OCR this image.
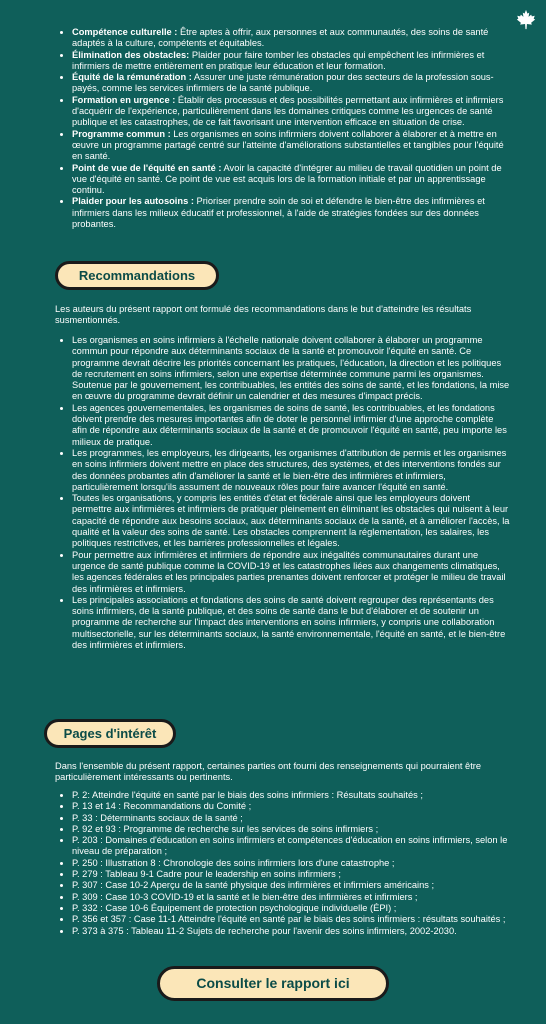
• Compétence culturelle : Être aptes à offrir, aux personnes et aux communautés, des soins de santé adaptés à la culture, compétents et équitables.
• Élimination des obstacles: Plaider pour faire tomber les obstacles qui empêchent les infirmières et infirmiers de mettre entièrement en pratique leur éducation et leur formation.
• Équité de la rémunération : Assurer une juste rémunération pour des secteurs de la profession sous-payés, comme les services infirmiers de la santé publique.
• Formation en urgence : Établir des processus et des possibilités permettant aux infirmières et infirmiers d'acquérir de l'expérience, particulièrement dans les domaines critiques comme les urgences de santé publique et les catastrophes, de ce fait favorisant une intervention efficace en situation de crise.
• Programme commun : Les organismes en soins infirmiers doivent collaborer à élaborer et à mettre en œuvre un programme partagé centré sur l'atteinte d'améliorations substantielles et tangibles pour l'équité en santé.
• Point de vue de l'équité en santé : Avoir la capacité d'intégrer au milieu de travail quotidien un point de vue d'équité en santé. Ce point de vue est acquis lors de la formation initiale et par un apprentissage continu.
• Plaider pour les autosoins : Prioriser prendre soin de soi et défendre le bien-être des infirmières et infirmiers dans les milieux éducatif et professionnel, à l'aide de stratégies fondées sur des données probantes.
Recommandations
Les auteurs du présent rapport ont formulé des recommandations dans le but d'atteindre les résultats susmentionnés.
• Les organismes en soins infirmiers à l'échelle nationale doivent collaborer à élaborer un programme commun pour répondre aux déterminants sociaux de la santé et promouvoir l'équité en santé. Ce programme devrait décrire les priorités concernant les pratiques, l'éducation, la direction et les politiques de recrutement en soins infirmiers, selon une expertise déterminée commune parmi les organismes. Soutenue par le gouvernement, les contribuables, les entités des soins de santé, et les fondations, la mise en œuvre du programme devrait définir un calendrier et des mesures d'impact précis.
• Les agences gouvernementales, les organismes de soins de santé, les contribuables, et les fondations doivent prendre des mesures importantes afin de doter le personnel infirmier d'une approche complète afin de répondre aux déterminants sociaux de la santé et de promouvoir l'équité en santé, peu importe les milieux de pratique.
• Les programmes, les employeurs, les dirigeants, les organismes d'attribution de permis et les organismes en soins infirmiers doivent mettre en place des structures, des systèmes, et des interventions fondés sur des données probantes afin d'améliorer la santé et le bien-être des infirmières et infirmiers, particulièrement lorsqu'ils assument de nouveaux rôles pour faire avancer l'équité en santé.
• Toutes les organisations, y compris les entités d'état et fédérale ainsi que les employeurs doivent permettre aux infirmières et infirmiers de pratiquer pleinement en éliminant les obstacles qui nuisent à leur capacité de répondre aux besoins sociaux, aux déterminants sociaux de la santé, et à améliorer l'accès, la qualité et la valeur des soins de santé. Les obstacles comprennent la réglementation, les salaires, les politiques restrictives, et les barrières professionnelles et légales.
• Pour permettre aux infirmières et infirmiers de répondre aux inégalités communautaires durant une urgence de santé publique comme la COVID-19 et les catastrophes liées aux changements climatiques, les agences fédérales et les principales parties prenantes doivent renforcer et protéger le milieu de travail des infirmières et infirmiers.
• Les principales associations et fondations des soins de santé doivent regrouper des représentants des soins infirmiers, de la santé publique, et des soins de santé dans le but d'élaborer et de soutenir un programme de recherche sur l'impact des interventions en soins infirmiers, y compris une collaboration multisectorielle, sur les déterminants sociaux, la santé environnementale, l'équité en santé, et le bien-être des infirmières et infirmiers.
Pages d'intérêt
Dans l'ensemble du présent rapport, certaines parties ont fourni des renseignements qui pourraient être particulièrement intéressants ou pertinents.
• P. 2: Atteindre l'équité en santé par le biais des soins infirmiers : Résultats souhaités ;
• P. 13 et 14 : Recommandations du Comité ;
• P. 33 : Déterminants sociaux de la santé ;
• P. 92 et 93 : Programme de recherche sur les services de soins infirmiers ;
• P. 203 : Domaines d'éducation en soins infirmiers et compétences d'éducation en soins infirmiers, selon le niveau de préparation ;
• P. 250 : Illustration 8 : Chronologie des soins infirmiers lors d'une catastrophe ;
• P. 279 : Tableau 9-1 Cadre pour le leadership en soins infirmiers ;
• P. 307 : Case 10-2 Aperçu de la santé physique des infirmières et infirmiers américains ;
• P. 309 : Case 10-3 COVID-19 et la santé et le bien-être des infirmières et infirmiers ;
• P. 332 : Case 10-6 Équipement de protection psychologique individuelle (ÉPI) ;
• P. 356 et 357 : Case 11-1 Atteindre l'équité en santé par le biais des soins infirmiers : résultats souhaités ;
• P. 373 à 375 : Tableau 11-2 Sujets de recherche pour l'avenir des soins infirmiers, 2002-2030.
Consulter le rapport ici
